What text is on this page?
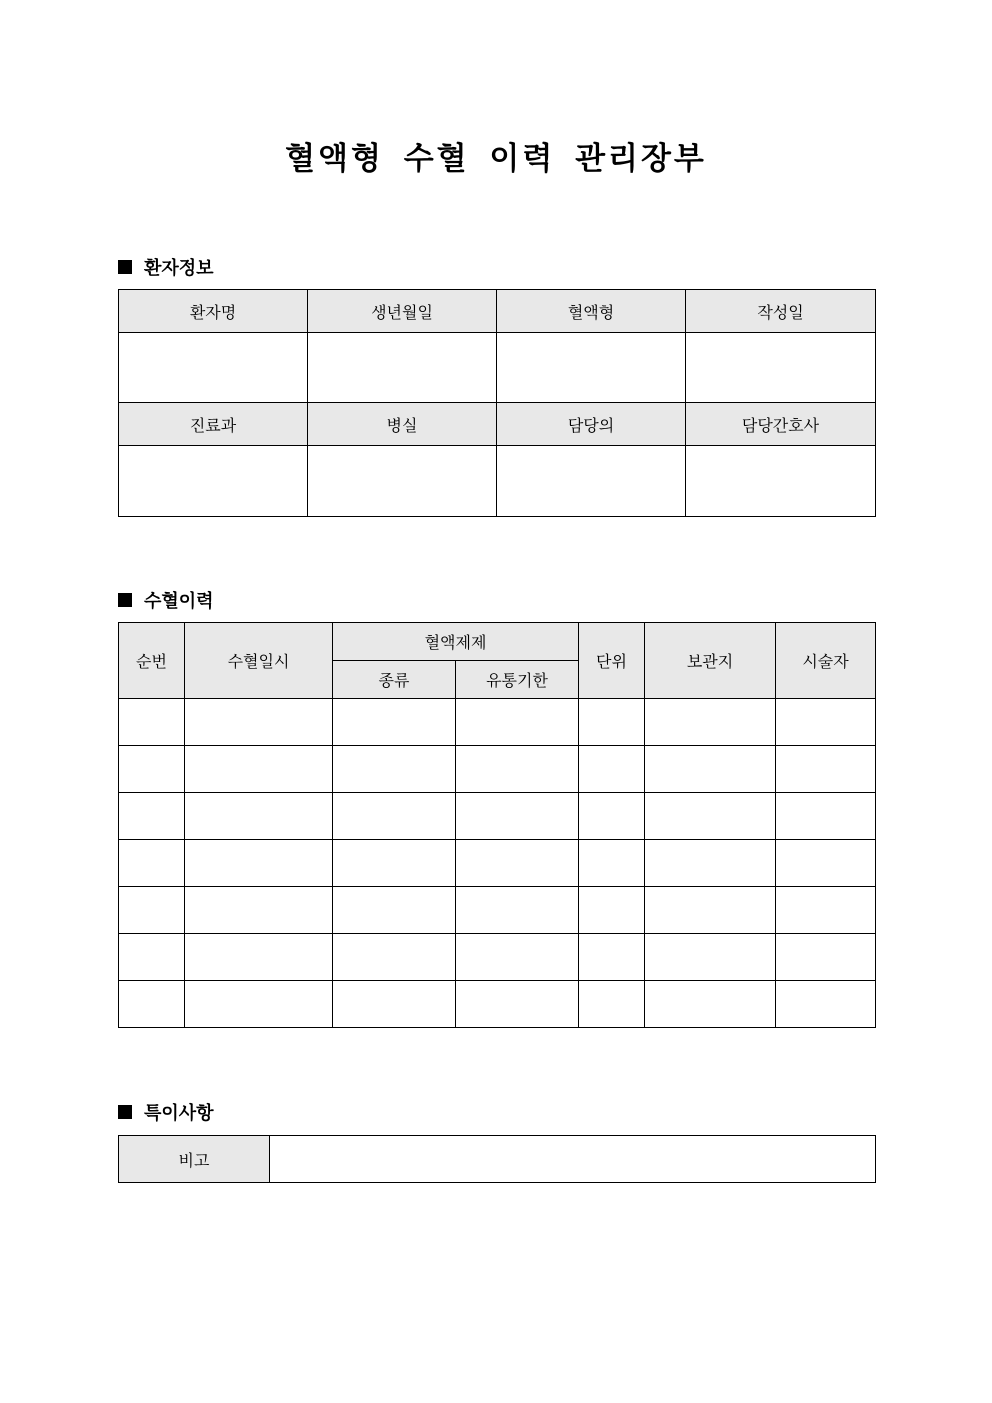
혈액형 수혈 이력 관리장부
환자정보
환자명	생년월일	혈액형	작성일

진료과	병실	담당의	담당간호사

수혈이력
순번	수혈일시	혈액제제		단위	보관지	시술자
		종류	유통기한			

특이사항
비고	
